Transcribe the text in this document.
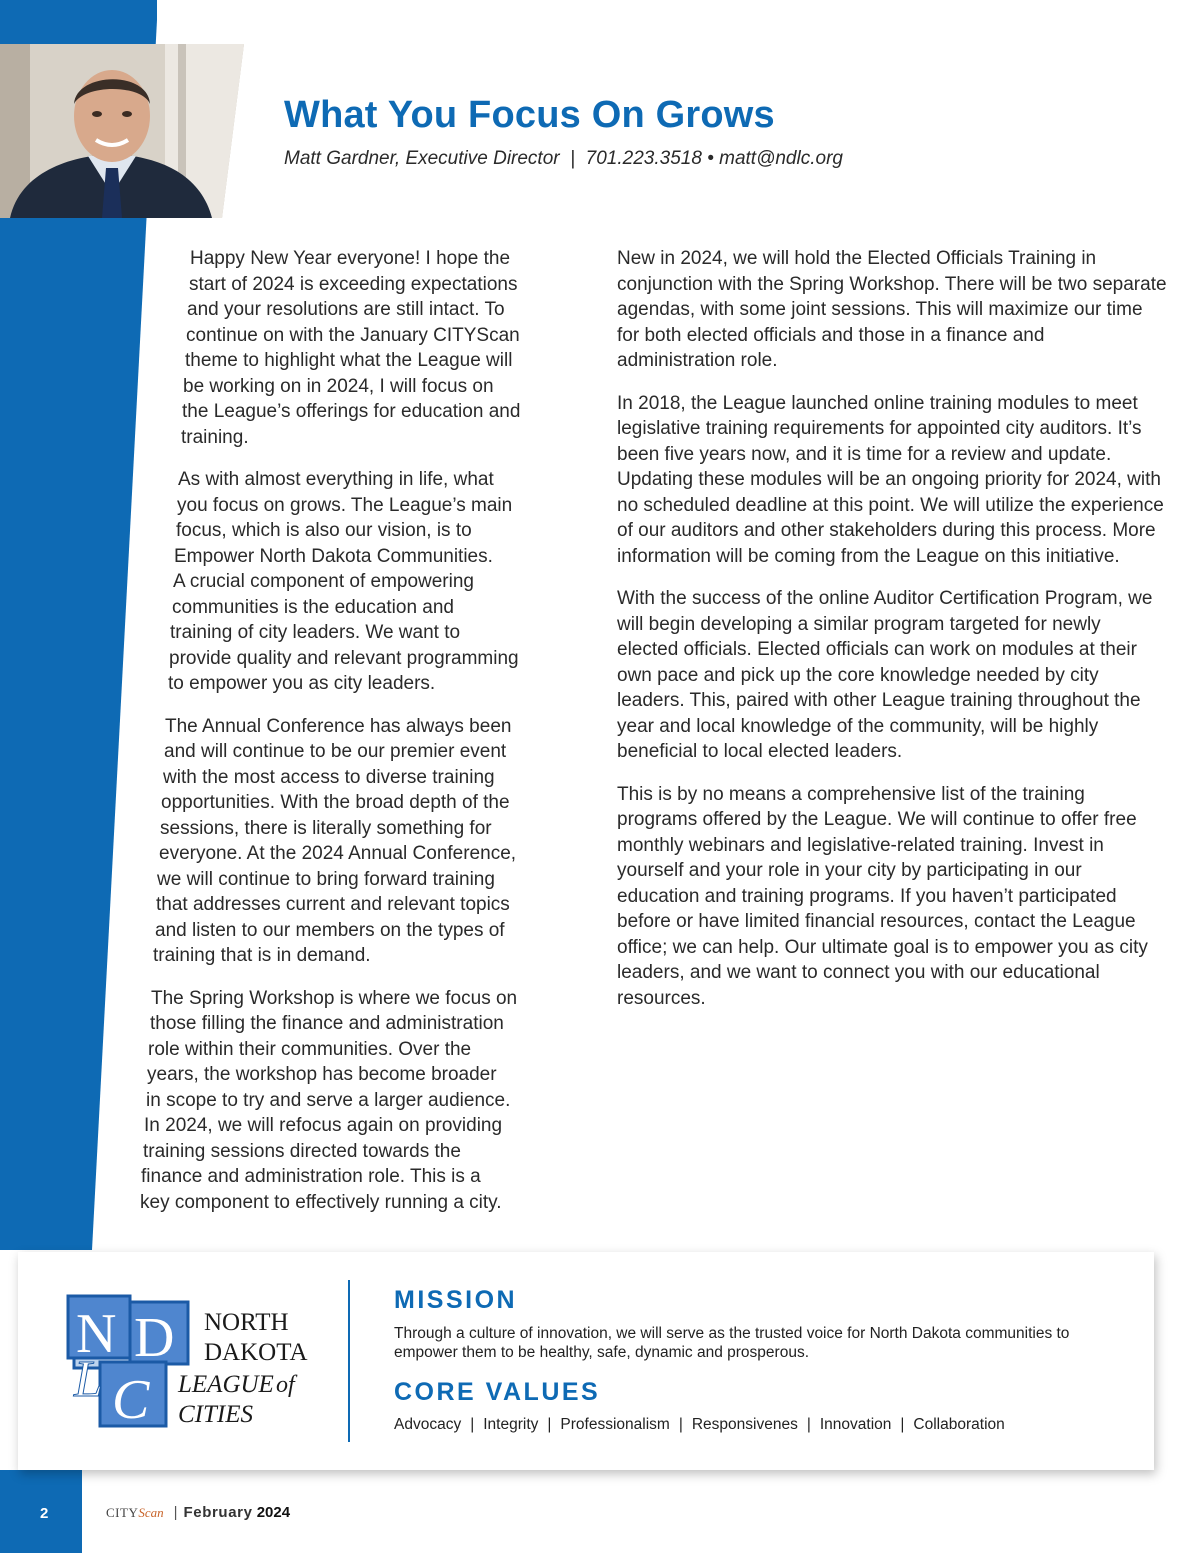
What You Focus On Grows
Matt Gardner, Executive Director | 701.223.3518 • matt@ndlc.org
Happy New Year everyone! I hope the
start of 2024 is exceeding expectations
and your resolutions are still intact. To
continue on with the January CITYScan
theme to highlight what the League will
be working on in 2024, I will focus on
the League’s offerings for education and
training.
As with almost everything in life, what
you focus on grows. The League’s main
focus, which is also our vision, is to
Empower North Dakota Communities.
A crucial component of empowering
communities is the education and
training of city leaders. We want to
provide quality and relevant programming
to empower you as city leaders.
The Annual Conference has always been
and will continue to be our premier event
with the most access to diverse training
opportunities. With the broad depth of the
sessions, there is literally something for
everyone. At the 2024 Annual Conference,
we will continue to bring forward training
that addresses current and relevant topics
and listen to our members on the types of
training that is in demand.
The Spring Workshop is where we focus on
those filling the finance and administration
role within their communities. Over the
years, the workshop has become broader
in scope to try and serve a larger audience.
In 2024, we will refocus again on providing
training sessions directed towards the
finance and administration role. This is a
key component to effectively running a city.

New in 2024, we will hold the Elected Officials Training in conjunction with the Spring Workshop. There will be two separate agendas, with some joint sessions. This will maximize our time for both elected officials and those in a finance and administration role.

In 2018, the League launched online training modules to meet legislative training requirements for appointed city auditors. It’s been five years now, and it is time for a review and update. Updating these modules will be an ongoing priority for 2024, with no scheduled deadline at this point. We will utilize the experience of our auditors and other stakeholders during this process. More information will be coming from the League on this initiative.

With the success of the online Auditor Certification Program, we will begin developing a similar program targeted for newly elected officials. Elected officials can work on modules at their own pace and pick up the core knowledge needed by city leaders. This, paired with other League training throughout the year and local knowledge of the community, will be highly beneficial to local elected leaders.

This is by no means a comprehensive list of the training programs offered by the League. We will continue to offer free monthly webinars and legislative-related training. Invest in yourself and your role in your city by participating in our education and training programs. If you haven’t participated before or have limited financial resources, contact the League office; we can help. Our ultimate goal is to empower you as city leaders, and we want to connect you with our educational resources.

N D
L C
NORTH
DAKOTA
LEAGUE of
CITIES
MISSION
Through a culture of innovation, we will serve as the trusted voice for North Dakota communities to empower them to be healthy, safe, dynamic and prosperous.
CORE VALUES
Advocacy | Integrity | Professionalism | Responsivenes | Innovation | Collaboration
2	CITYScan | February 2024
